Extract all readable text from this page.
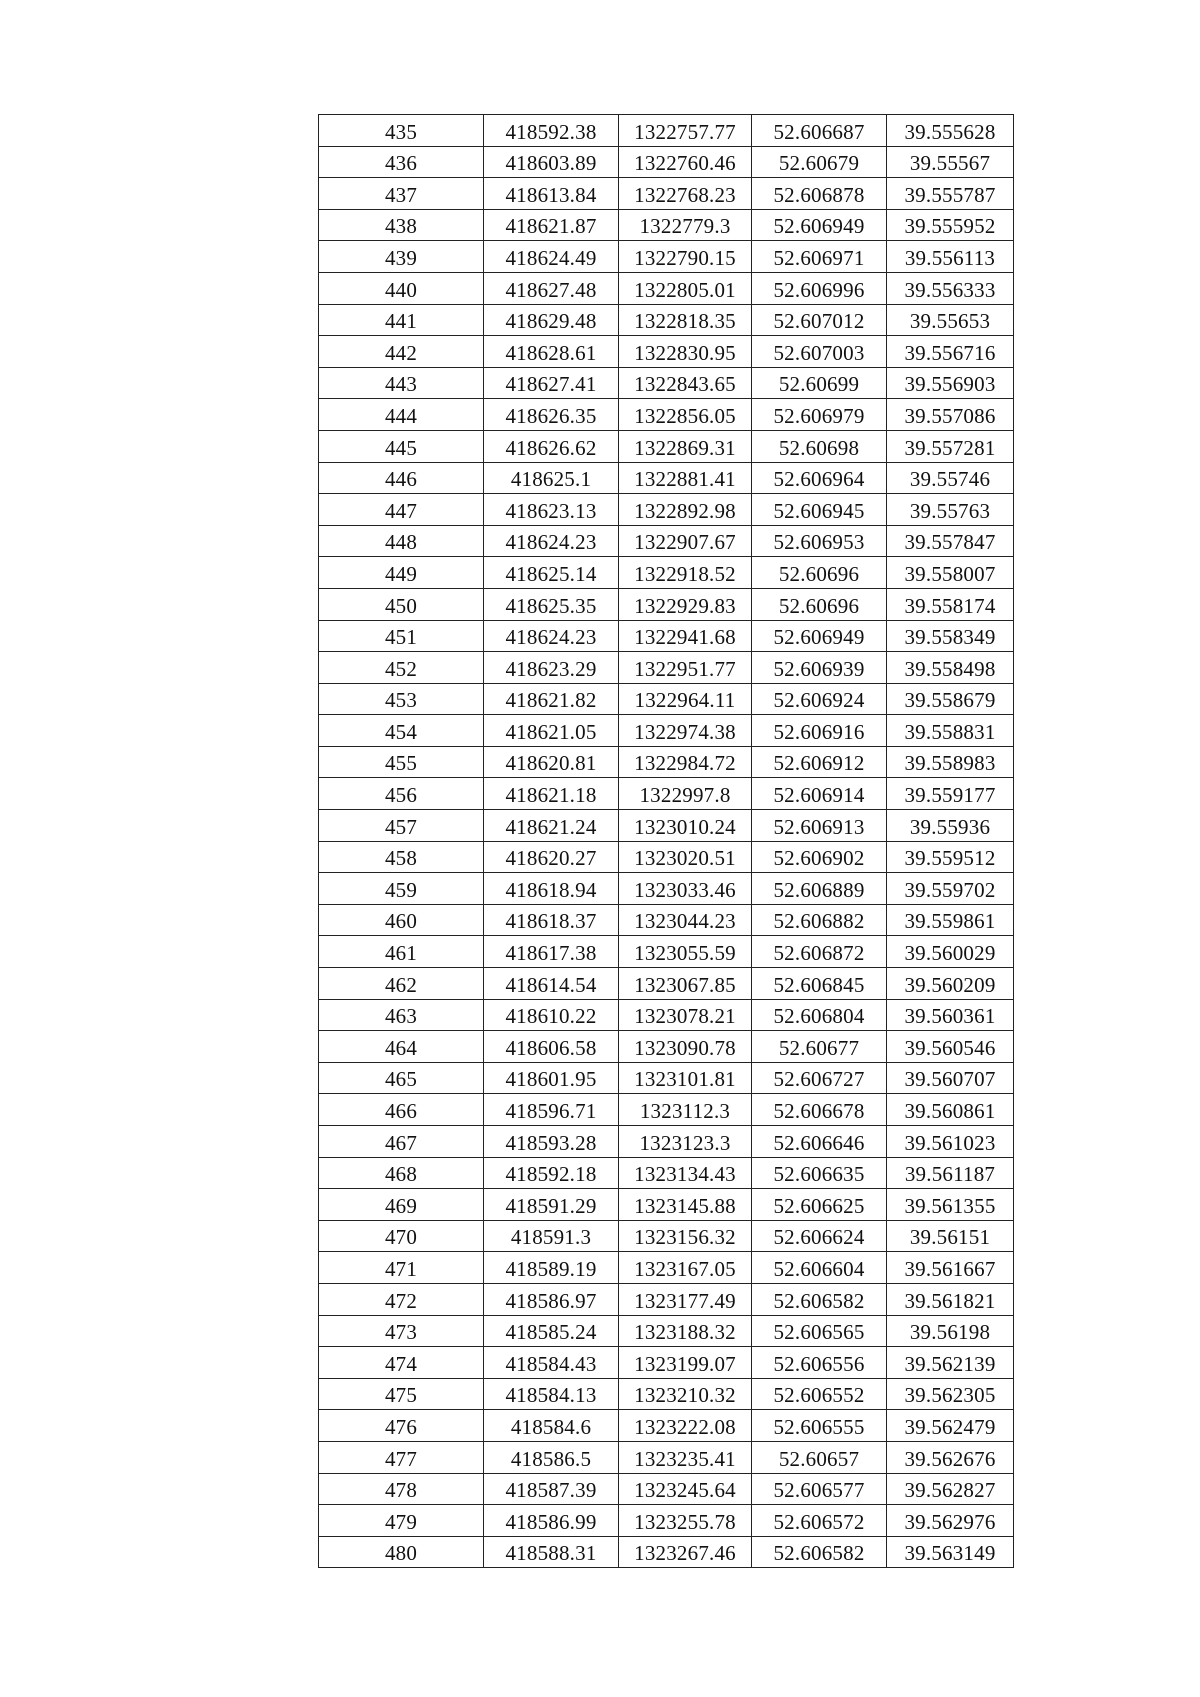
435	418592.38	1322757.77	52.606687	39.555628
436	418603.89	1322760.46	52.60679	39.55567
437	418613.84	1322768.23	52.606878	39.555787
438	418621.87	1322779.3	52.606949	39.555952
439	418624.49	1322790.15	52.606971	39.556113
440	418627.48	1322805.01	52.606996	39.556333
441	418629.48	1322818.35	52.607012	39.55653
442	418628.61	1322830.95	52.607003	39.556716
443	418627.41	1322843.65	52.60699	39.556903
444	418626.35	1322856.05	52.606979	39.557086
445	418626.62	1322869.31	52.60698	39.557281
446	418625.1	1322881.41	52.606964	39.55746
447	418623.13	1322892.98	52.606945	39.55763
448	418624.23	1322907.67	52.606953	39.557847
449	418625.14	1322918.52	52.60696	39.558007
450	418625.35	1322929.83	52.60696	39.558174
451	418624.23	1322941.68	52.606949	39.558349
452	418623.29	1322951.77	52.606939	39.558498
453	418621.82	1322964.11	52.606924	39.558679
454	418621.05	1322974.38	52.606916	39.558831
455	418620.81	1322984.72	52.606912	39.558983
456	418621.18	1322997.8	52.606914	39.559177
457	418621.24	1323010.24	52.606913	39.55936
458	418620.27	1323020.51	52.606902	39.559512
459	418618.94	1323033.46	52.606889	39.559702
460	418618.37	1323044.23	52.606882	39.559861
461	418617.38	1323055.59	52.606872	39.560029
462	418614.54	1323067.85	52.606845	39.560209
463	418610.22	1323078.21	52.606804	39.560361
464	418606.58	1323090.78	52.60677	39.560546
465	418601.95	1323101.81	52.606727	39.560707
466	418596.71	1323112.3	52.606678	39.560861
467	418593.28	1323123.3	52.606646	39.561023
468	418592.18	1323134.43	52.606635	39.561187
469	418591.29	1323145.88	52.606625	39.561355
470	418591.3	1323156.32	52.606624	39.56151
471	418589.19	1323167.05	52.606604	39.561667
472	418586.97	1323177.49	52.606582	39.561821
473	418585.24	1323188.32	52.606565	39.56198
474	418584.43	1323199.07	52.606556	39.562139
475	418584.13	1323210.32	52.606552	39.562305
476	418584.6	1323222.08	52.606555	39.562479
477	418586.5	1323235.41	52.60657	39.562676
478	418587.39	1323245.64	52.606577	39.562827
479	418586.99	1323255.78	52.606572	39.562976
480	418588.31	1323267.46	52.606582	39.563149
